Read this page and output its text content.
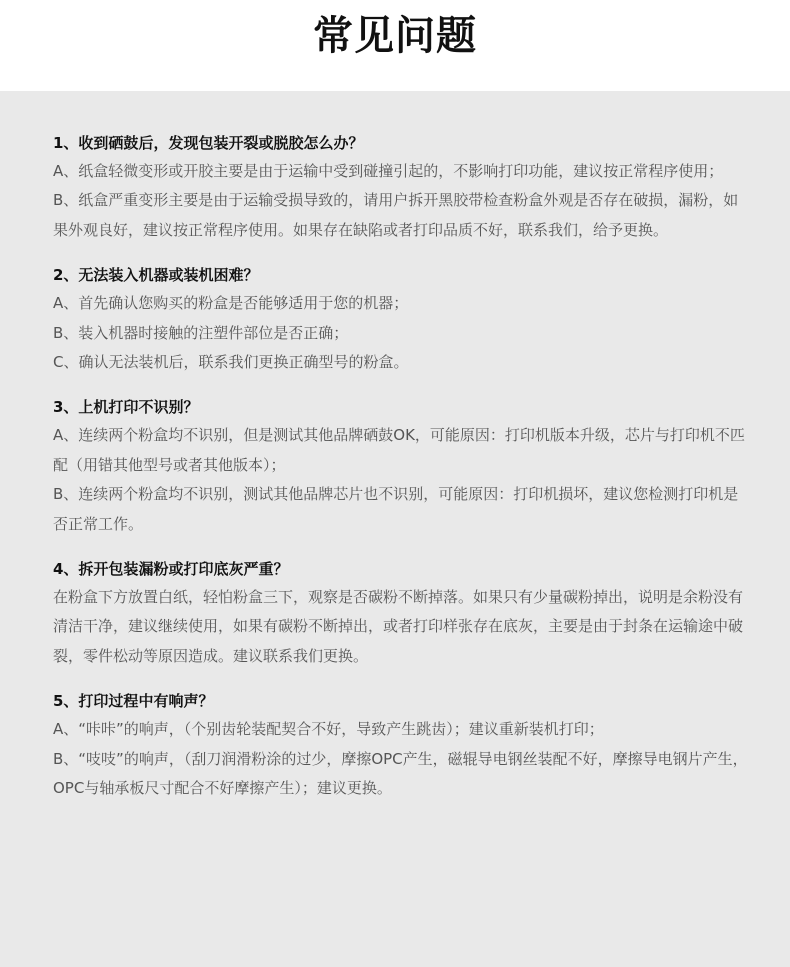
常见问题
1、收到硒鼓后，发现包装开裂或脱胶怎么办？

A、纸盒轻微变形或开胶主要是由于运输中受到碰撞引起的，不影响打印功能，建议按正常程序使用；

B、纸盒严重变形主要是由于运输受损导致的，请用户拆开黑胶带检查粉盒外观是否存在破损，漏粉，如果外观良好，建议按正常程序使用。如果存在缺陷或者打印品质不好，联系我们，给予更换。

2、无法装入机器或装机困难？

A、首先确认您购买的粉盒是否能够适用于您的机器；

B、装入机器时接触的注塑件部位是否正确；

C、确认无法装机后，联系我们更换正确型号的粉盒。

3、上机打印不识别？

A、连续两个粉盒均不识别，但是测试其他品牌硒鼓OK，可能原因：打印机版本升级，芯片与打印机不匹配（用错其他型号或者其他版本）；

B、连续两个粉盒均不识别，测试其他品牌芯片也不识别，可能原因：打印机损坏，建议您检测打印机是否正常工作。

4、拆开包装漏粉或打印底灰严重？

在粉盒下方放置白纸，轻怕粉盒三下，观察是否碳粉不断掉落。如果只有少量碳粉掉出，说明是余粉没有清洁干净，建议继续使用，如果有碳粉不断掉出，或者打印样张存在底灰，主要是由于封条在运输途中破裂，零件松动等原因造成。建议联系我们更换。

5、打印过程中有响声？

A、“咔咔”的响声，（个别齿轮装配契合不好，导致产生跳齿）；建议重新装机打印；

B、“吱吱”的响声，（刮刀润滑粉涂的过少，摩擦OPC产生，磁辊导电钢丝装配不好，摩擦导电钢片产生，OPC与轴承板尺寸配合不好摩擦产生）；建议更换。
